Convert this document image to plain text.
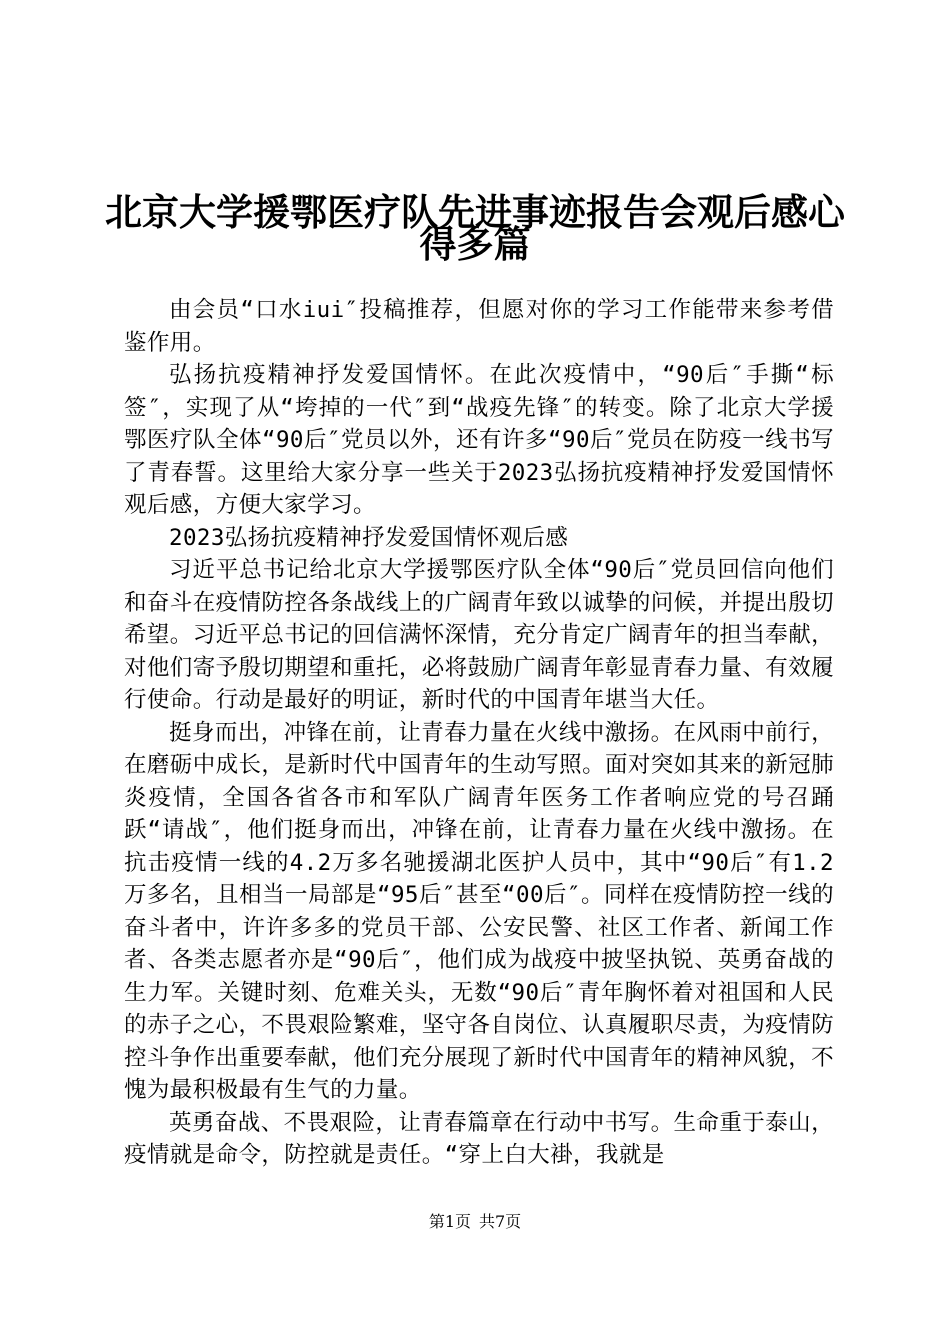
北京大学援鄂医疗队先进事迹报告会观后感心
得多篇

由会员“口水iui″投稿推荐，但愿对你的学习工作能带来参考借鉴作用。

弘扬抗疫精神抒发爱国情怀。在此次疫情中，“90后″手撕“标签″，实现了从“垮掉的一代″到“战疫先锋″的转变。除了北京大学援鄂医疗队全体“90后″党员以外，还有许多“90后″党员在防疫一线书写了青春誓。这里给大家分享一些关于2023弘扬抗疫精神抒发爱国情怀观后感，方便大家学习。

2023弘扬抗疫精神抒发爱国情怀观后感

习近平总书记给北京大学援鄂医疗队全体“90后″党员回信向他们和奋斗在疫情防控各条战线上的广阔青年致以诚挚的问候，并提出殷切希望。习近平总书记的回信满怀深情，充分肯定广阔青年的担当奉献，对他们寄予殷切期望和重托，必将鼓励广阔青年彰显青春力量、有效履行使命。行动是最好的明证，新时代的中国青年堪当大任。

挺身而出，冲锋在前，让青春力量在火线中激扬。在风雨中前行，在磨砺中成长，是新时代中国青年的生动写照。面对突如其来的新冠肺炎疫情，全国各省各市和军队广阔青年医务工作者响应党的号召踊跃“请战″，他们挺身而出，冲锋在前，让青春力量在火线中激扬。在抗击疫情一线的4.2万多名驰援湖北医护人员中，其中“90后″有1.2万多名，且相当一局部是“95后″甚至“00后″。同样在疫情防控一线的奋斗者中，许许多多的党员干部、公安民警、社区工作者、新闻工作者、各类志愿者亦是“90后″，他们成为战疫中披坚执锐、英勇奋战的生力军。关键时刻、危难关头，无数“90后″青年胸怀着对祖国和人民的赤子之心，不畏艰险繁难，坚守各自岗位、认真履职尽责，为疫情防控斗争作出重要奉献，他们充分展现了新时代中国青年的精神风貌，不愧为最积极最有生气的力量。

英勇奋战、不畏艰险，让青春篇章在行动中书写。生命重于泰山，疫情就是命令，防控就是责任。“穿上白大褂，我就是

第1页 共7页
